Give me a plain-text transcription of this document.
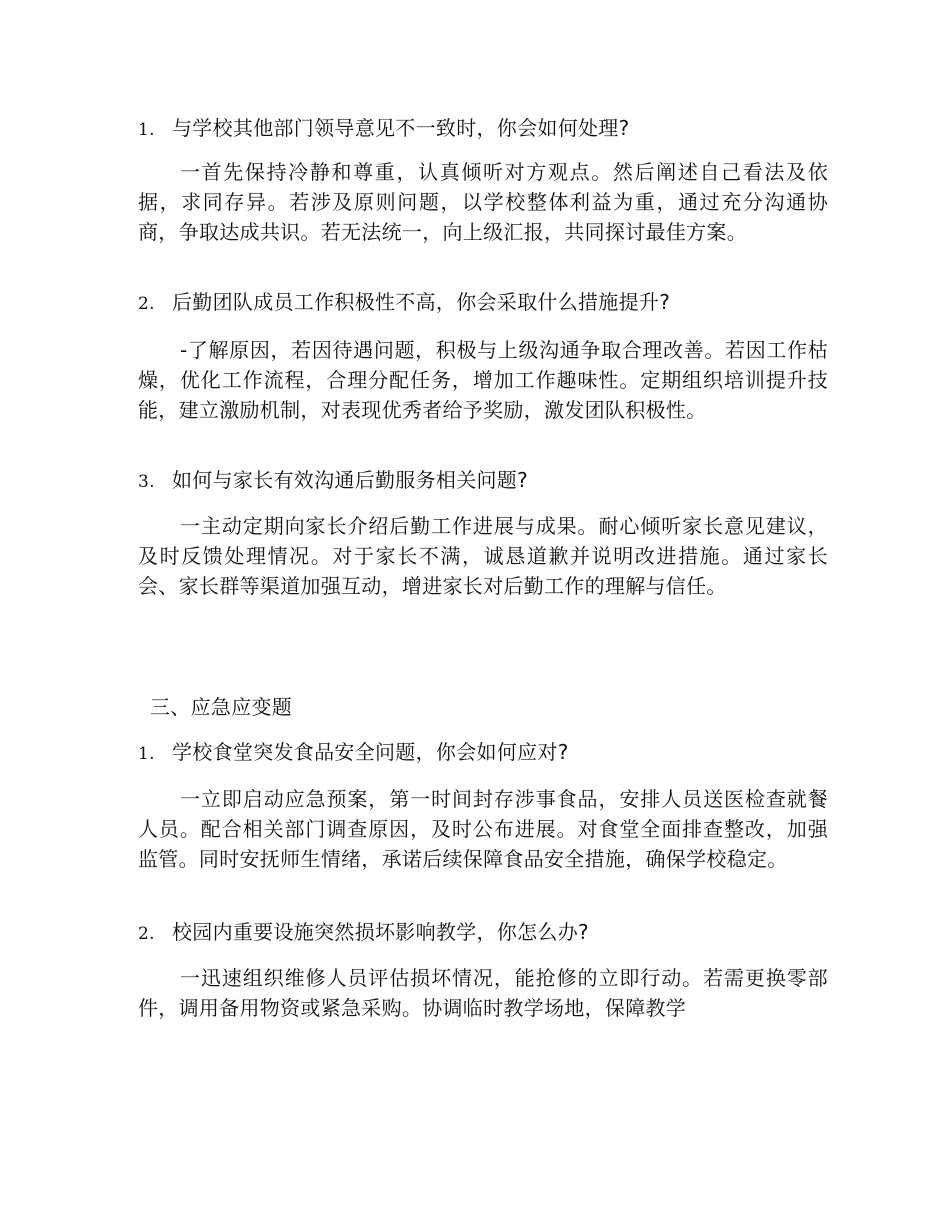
1. 与学校其他部门领导意见不一致时，你会如何处理?

一首先保持冷静和尊重，认真倾听对方观点。然后阐述自己看法及依据，求同存异。若涉及原则问题，以学校整体利益为重，通过充分沟通协商，争取达成共识。若无法统一，向上级汇报，共同探讨最佳方案。

2. 后勤团队成员工作积极性不高，你会采取什么措施提升?

-了解原因，若因待遇问题，积极与上级沟通争取合理改善。若因工作枯燥，优化工作流程，合理分配任务，增加工作趣味性。定期组织培训提升技能，建立激励机制，对表现优秀者给予奖励，激发团队积极性。

3. 如何与家长有效沟通后勤服务相关问题?

一主动定期向家长介绍后勤工作进展与成果。耐心倾听家长意见建议，及时反馈处理情况。对于家长不满，诚恳道歉并说明改进措施。通过家长会、家长群等渠道加强互动，增进家长对后勤工作的理解与信任。

三、应急应变题

1. 学校食堂突发食品安全问题，你会如何应对?

一立即启动应急预案，第一时间封存涉事食品，安排人员送医检查就餐人员。配合相关部门调查原因，及时公布进展。对食堂全面排查整改，加强监管。同时安抚师生情绪，承诺后续保障食品安全措施，确保学校稳定。

2. 校园内重要设施突然损坏影响教学，你怎么办?

一迅速组织维修人员评估损坏情况，能抢修的立即行动。若需更换零部件，调用备用物资或紧急采购。协调临时教学场地，保障教学
